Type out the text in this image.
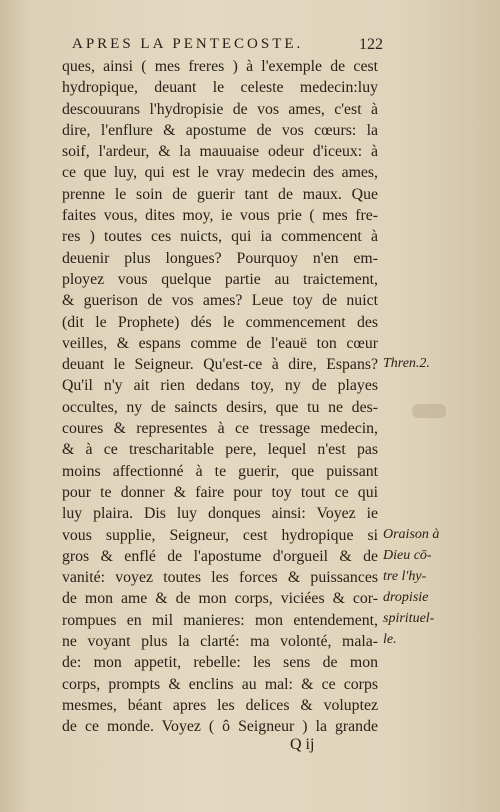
APRES LA PENTECOSTE.	122
ques, ainsi ( mes freres ) à l'exemple de cest
hydropique, deuant le celeste medecin:luy
descouurans l'hydropisie de vos ames, c'est à
dire, l'enflure & apostume de vos cœurs: la
soif, l'ardeur, & la mauuaise odeur d'iceux: à
ce que luy, qui est le vray medecin des ames,
prenne le soin de guerir tant de maux. Que
faites vous, dites moy, ie vous prie ( mes fre-
res ) toutes ces nuicts, qui ia commencent à
deuenir plus longues? Pourquoy n'en em-
ployez vous quelque partie au traictement,
& guerison de vos ames? Leue toy de nuict
(dit le Prophete) dés le commencement des
veilles, & espans comme de l'eauë ton cœur
deuant le Seigneur. Qu'est-ce à dire, Espans?
Qu'il n'y ait rien dedans toy, ny de playes
occultes, ny de saincts desirs, que tu ne des-
coures & representes à ce tressage medecin,
& à ce trescharitable pere, lequel n'est pas
moins affectionné à te guerir, que puissant
pour te donner & faire pour toy tout ce qui
luy plaira. Dis luy donques ainsi: Voyez ie
vous supplie, Seigneur, cest hydropique si
gros & enflé de l'apostume d'orgueil & de
vanité: voyez toutes les forces & puissances
de mon ame & de mon corps, viciées & cor-
rompues en mil manieres: mon entendement,
ne voyant plus la clarté: ma volonté, mala-
de: mon appetit, rebelle: les sens de mon
corps, prompts & enclins au mal: & ce corps
mesmes, béant apres les delices & voluptez
de ce monde. Voyez ( ô Seigneur ) la grande
Thren.2.
Oraison à
Dieu cō-
tre l'hy-
dropisie
spirituel-
le.
Q ij
